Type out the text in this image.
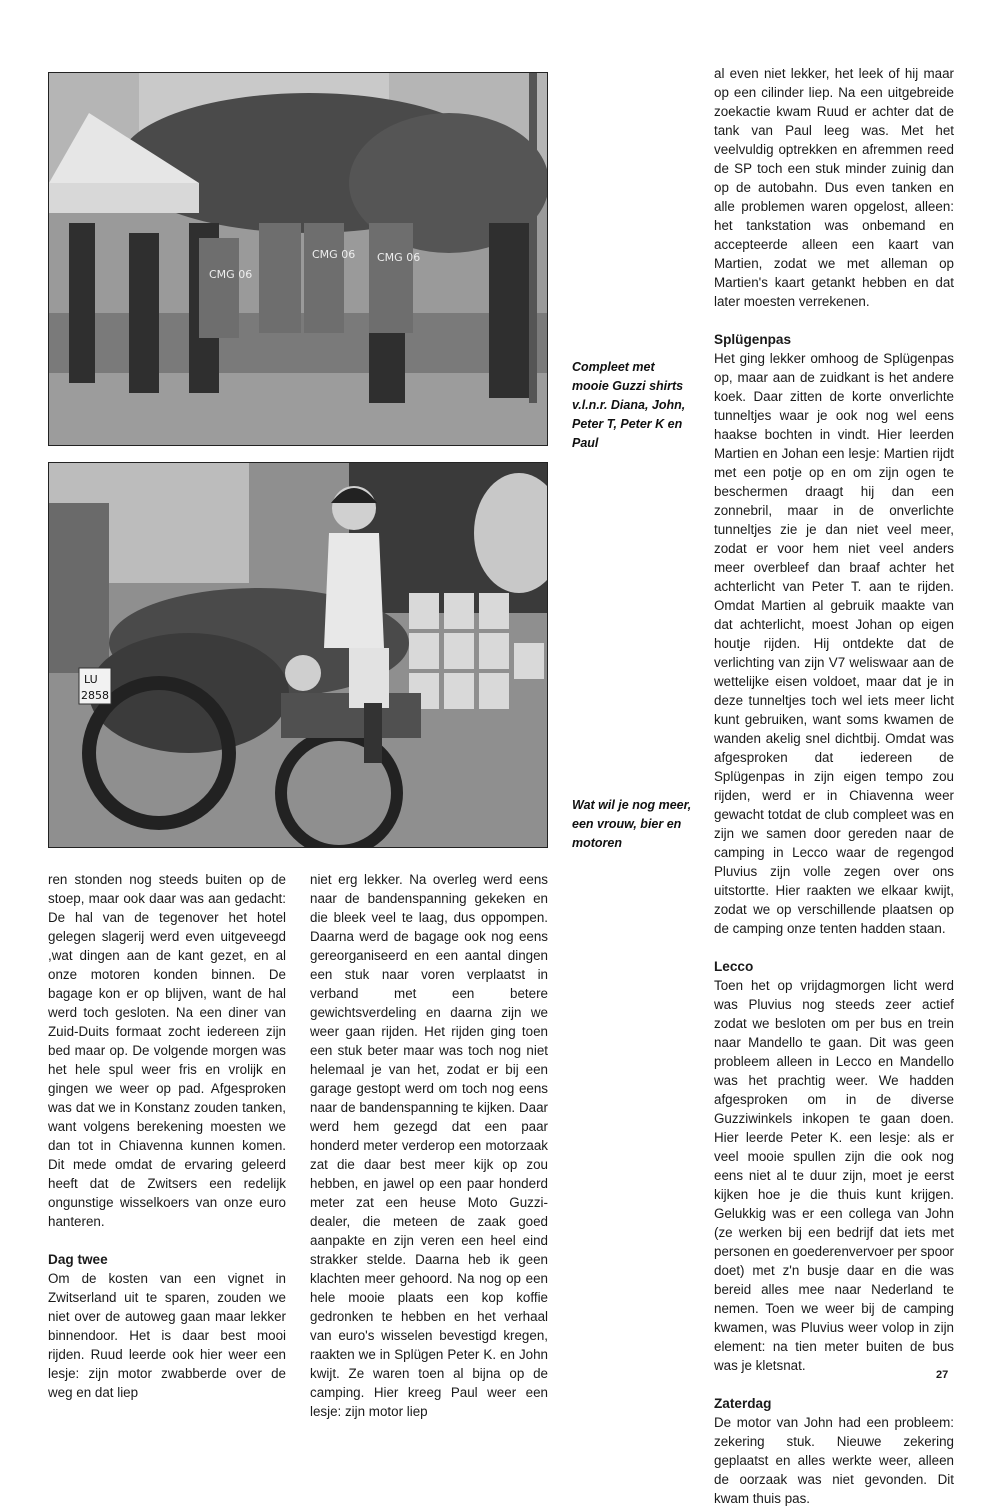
CMG 06
CMG 06 CMG 06
Compleet met mooie Guzzi shirts v.l.n.r. Diana, John, Peter T, Peter K en Paul
LU
2858
Wat wil je nog meer, een vrouw, bier en motoren

al even niet lekker, het leek of hij maar op een cilinder liep. Na een uitgebreide zoekactie kwam Ruud er achter dat de tank van Paul leeg was. Met het veelvuldig optrekken en afremmen reed de SP toch een stuk minder zuinig dan op de autobahn. Dus even tanken en alle problemen waren opgelost, alleen: het tankstation was onbemand en accepteerde alleen een kaart van Martien, zodat we met alleman op Martien's kaart getankt hebben en dat later moesten verrekenen.

Splügenpas

Het ging lekker omhoog de Splügenpas op, maar aan de zuidkant is het andere koek. Daar zitten de korte onverlichte tunneltjes waar je ook nog wel eens haakse bochten in vindt. Hier leerden Martien en Johan een lesje: Martien rijdt met een potje op en om zijn ogen te beschermen draagt hij dan een zonnebril, maar in de onverlichte tunneltjes zie je dan niet veel meer, zodat er voor hem niet veel anders meer overbleef dan braaf achter het achterlicht van Peter T. aan te rijden. Omdat Martien al gebruik maakte van dat achterlicht, moest Johan op eigen houtje rijden. Hij ontdekte dat de verlichting van zijn V7 weliswaar aan de wettelijke eisen voldoet, maar dat je in deze tunneltjes toch wel iets meer licht kunt gebruiken, want soms kwamen de wanden akelig snel dichtbij. Omdat was afgesproken dat iedereen de Splügenpas in zijn eigen tempo zou rijden, werd er in Chiavenna weer gewacht totdat de club compleet was en zijn we samen door gereden naar de camping in Lecco waar de regengod Pluvius zijn volle zegen over ons uitstortte. Hier raakten we elkaar kwijt, zodat we op verschillende plaatsen op de camping onze tenten hadden staan.

Lecco

Toen het op vrijdagmorgen licht werd was Pluvius nog steeds zeer actief zodat we besloten om per bus en trein naar Mandello te gaan. Dit was geen probleem alleen in Lecco en Mandello was het prachtig weer. We hadden afgesproken om in de diverse Guzziwinkels inkopen te gaan doen. Hier leerde Peter K. een lesje: als er veel mooie spullen zijn die ook nog eens niet al te duur zijn, moet je eerst kijken hoe je die thuis kunt krijgen. Gelukkig was er een collega van John (ze werken bij een bedrijf dat iets met personen en goederenvervoer per spoor doet) met z'n busje daar en die was bereid alles mee naar Nederland te nemen. Toen we weer bij de camping kwamen, was Pluvius weer volop in zijn element: na tien meter buiten de bus was je kletsnat.

Zaterdag

De motor van John had een probleem: zekering stuk. Nieuwe zekering geplaatst en alles werkte weer, alleen de oorzaak was niet gevonden. Dit kwam thuis pas.

ren stonden nog steeds buiten op de stoep, maar ook daar was aan gedacht: De hal van de tegenover het hotel gelegen slagerij werd even uitgeveegd ,wat dingen aan de kant gezet, en al onze motoren konden binnen. De bagage kon er op blijven, want de hal werd toch gesloten. Na een diner van Zuid-Duits formaat zocht iedereen zijn bed maar op. De volgende morgen was het hele spul weer fris en vrolijk en gingen we weer op pad. Afgesproken was dat we in Konstanz zouden tanken, want volgens berekening moesten we dan tot in Chiavenna kunnen komen. Dit mede omdat de ervaring geleerd heeft dat de Zwitsers een redelijk ongunstige wisselkoers van onze euro hanteren.

Dag twee

Om de kosten van een vignet in Zwitserland uit te sparen, zouden we niet over de autoweg gaan maar lekker binnendoor. Het is daar best mooi rijden. Ruud leerde ook hier weer een lesje: zijn motor zwabberde over de weg en dat liep

niet erg lekker. Na overleg werd eens naar de bandenspanning gekeken en die bleek veel te laag, dus oppompen. Daarna werd de bagage ook nog eens gereorganiseerd en een aantal dingen een stuk naar voren verplaatst in verband met een betere gewichtsverdeling en daarna zijn we weer gaan rijden. Het rijden ging toen een stuk beter maar was toch nog niet helemaal je van het, zodat er bij een garage gestopt werd om toch nog eens naar de bandenspanning te kijken. Daar werd hem gezegd dat een paar honderd meter verderop een motorzaak zat die daar best meer kijk op zou hebben, en jawel op een paar honderd meter zat een heuse Moto Guzzi-dealer, die meteen de zaak goed aanpakte en zijn veren een heel eind strakker stelde. Daarna heb ik geen klachten meer gehoord. Na nog op een hele mooie plaats een kop koffie gedronken te hebben en het verhaal van euro's wisselen bevestigd kregen, raakten we in Splügen Peter K. en John kwijt. Ze waren toen al bijna op de camping. Hier kreeg Paul weer een lesje: zijn motor liep

27
